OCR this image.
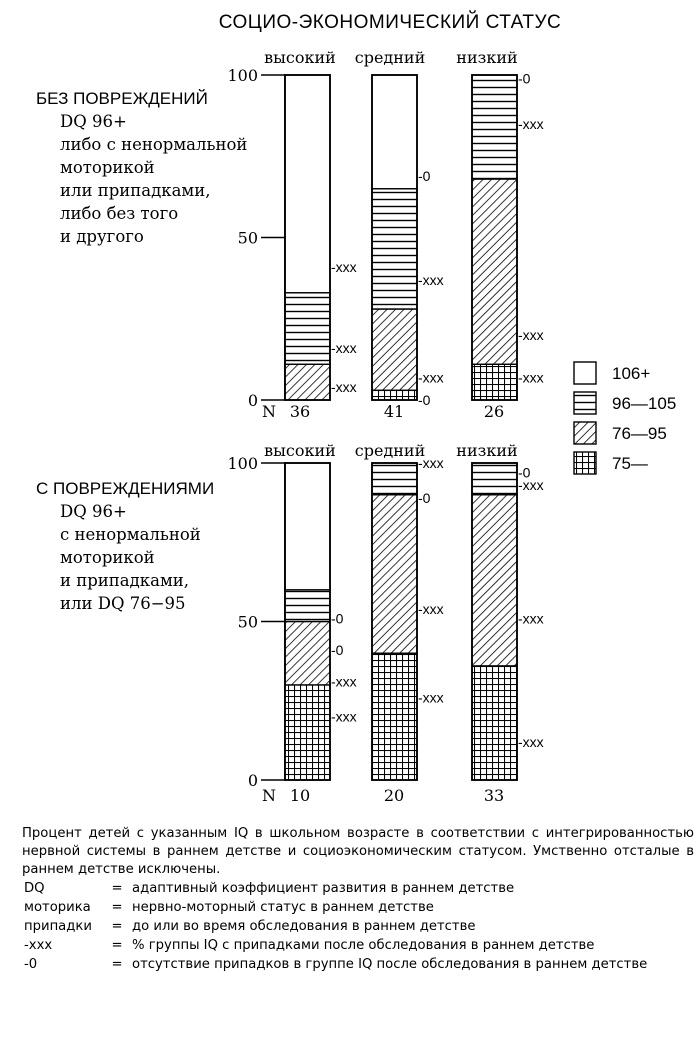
СОЦИО-ЭКОНОМИЧЕСКИЙ СТАТУС
БЕЗ ПОВРЕЖДЕНИЙ
DQ 96+
либо с ненормальной
моторикой
или припадками,
либо без того
и другого
0
50
100
высокий средний низкий
N 36	41	26
-xxx
-xxx
-xxx
-0
-xxx
-xxx
-0
-xxx
-xxx
-xxx
-0
С ПОВРЕЖДЕНИЯМИ
DQ 96+
с ненормальной
моторикой
и припадками,
или DQ 76−95
0
50
100
высокий средний низкий
N 10	20	33
-xxx
-xxx
-0
-0
-xxx
-xxx
-0
-xxx
-xxx
-xxx
-xxx
-0
106+
96—105
76—95
75—

Процент детей с указанным IQ в школьном возрасте в соответствии с интегрированностью нервной системы в раннем детстве и социоэкономическим статусом. Умственно отсталые в раннем детстве исключены.

DQ	=	адаптивный коэффициент развития в раннем детстве
моторика	=	нервно-моторный статус в раннем детстве
припадки	=	до или во время обследования в раннем детстве
-xxx	=	% группы IQ с припадками после обследования в раннем детстве
-0	=	отсутствие припадков в группе IQ после обследования в раннем детстве
